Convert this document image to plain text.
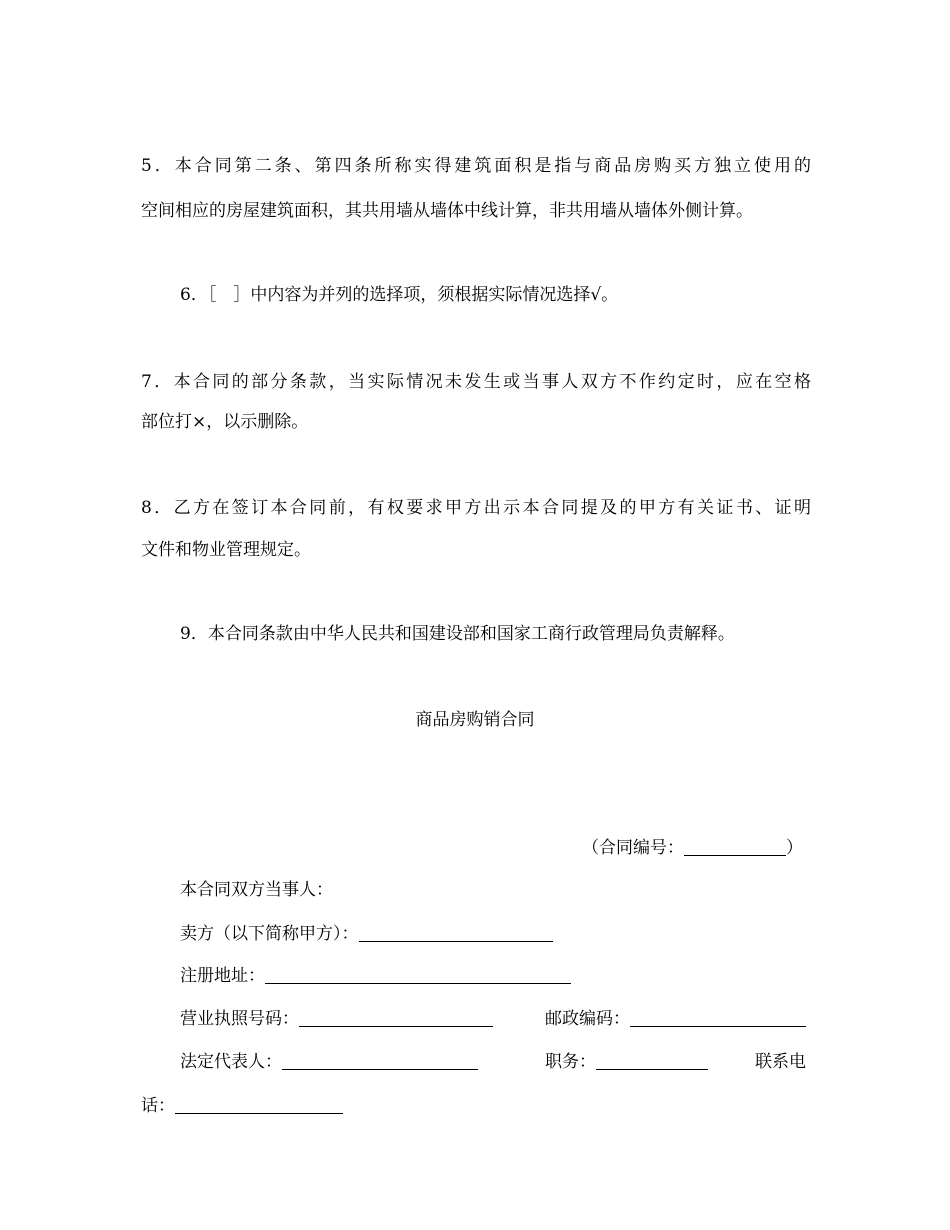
5．本合同第二条、第四条所称实得建筑面积是指与商品房购买方独立使用的
空间相应的房屋建筑面积，其共用墙从墙体中线计算，非共用墙从墙体外侧计算。
6．［　］中内容为并列的选择项，须根据实际情况选择√。
7．本合同的部分条款，当实际情况未发生或当事人双方不作约定时，应在空格
部位打×，以示删除。
8．乙方在签订本合同前，有权要求甲方出示本合同提及的甲方有关证书、证明
文件和物业管理规定。
9．本合同条款由中华人民共和国建设部和国家工商行政管理局负责解释。
商品房购销合同
（合同编号：	）
本合同双方当事人：
卖方（以下简称甲方）：
注册地址：
营业执照号码：	邮政编码：
法定代表人：	职务：	联系电
话：
